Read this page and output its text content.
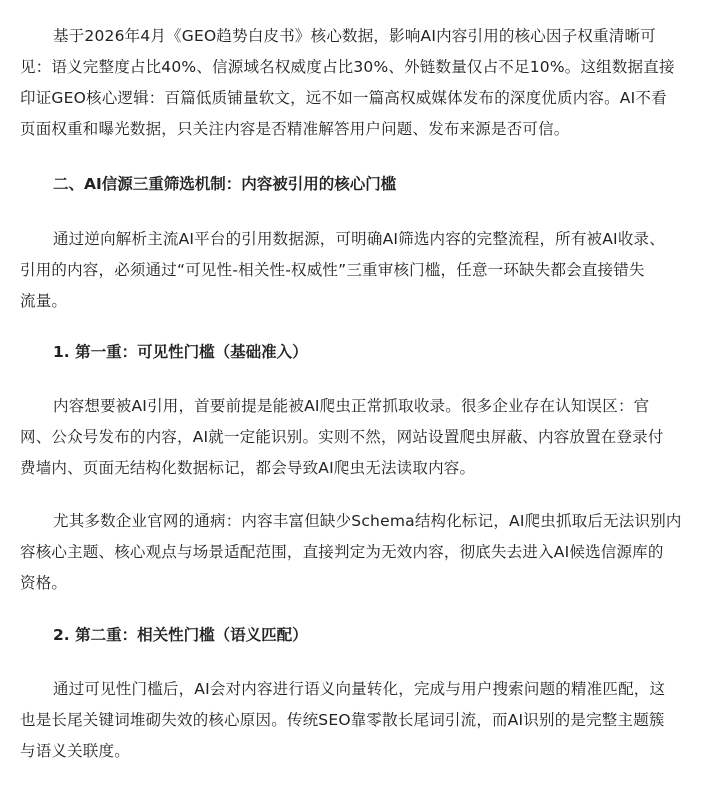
基于2026年4月《GEO趋势白皮书》核心数据，影响AI内容引用的核心因子权重清晰可
见：语义完整度占比40%、信源域名权威度占比30%、外链数量仅占不足10%。这组数据直接
印证GEO核心逻辑：百篇低质铺量软文，远不如一篇高权威媒体发布的深度优质内容。AI不看
页面权重和曝光数据，只关注内容是否精准解答用户问题、发布来源是否可信。
二、AI信源三重筛选机制：内容被引用的核心门槛
通过逆向解析主流AI平台的引用数据源，可明确AI筛选内容的完整流程，所有被AI收录、
引用的内容，必须通过“可见性-相关性-权威性”三重审核门槛，任意一环缺失都会直接错失
流量。
1. 第一重：可见性门槛（基础准入）
内容想要被AI引用，首要前提是能被AI爬虫正常抓取收录。很多企业存在认知误区：官
网、公众号发布的内容，AI就一定能识别。实则不然，网站设置爬虫屏蔽、内容放置在登录付
费墙内、页面无结构化数据标记，都会导致AI爬虫无法读取内容。
尤其多数企业官网的通病：内容丰富但缺少Schema结构化标记，AI爬虫抓取后无法识别内
容核心主题、核心观点与场景适配范围，直接判定为无效内容，彻底失去进入AI候选信源库的
资格。
2. 第二重：相关性门槛（语义匹配）
通过可见性门槛后，AI会对内容进行语义向量转化，完成与用户搜索问题的精准匹配，这
也是长尾关键词堆砌失效的核心原因。传统SEO靠零散长尾词引流，而AI识别的是完整主题簇
与语义关联度。
